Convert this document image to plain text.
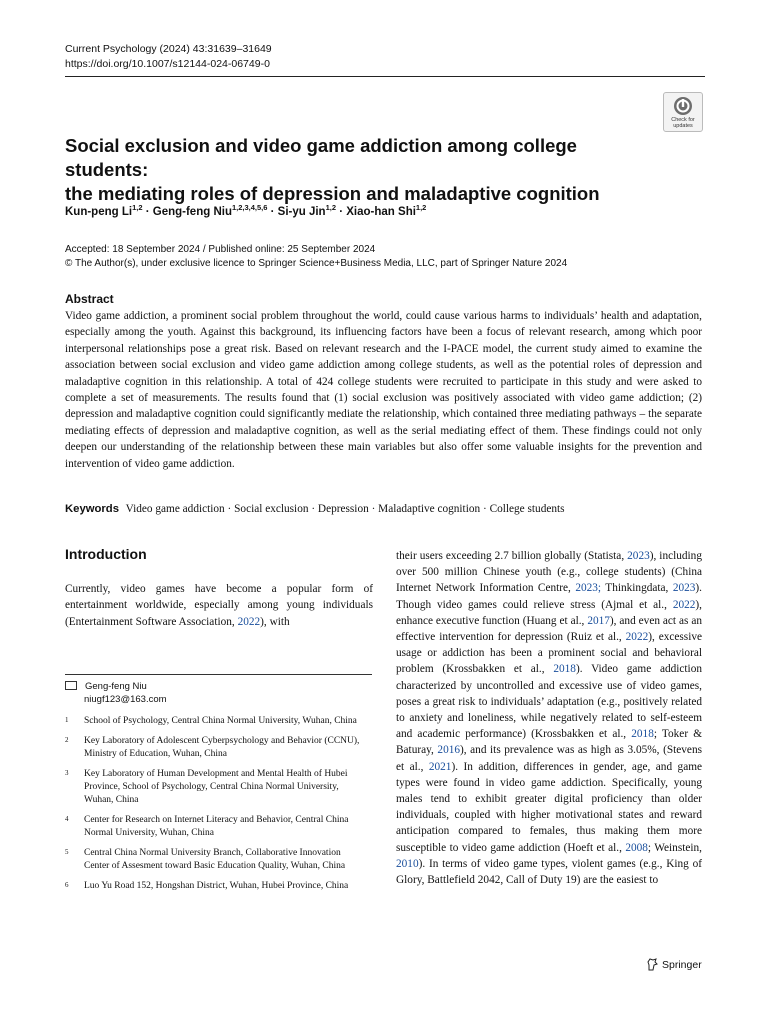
Current Psychology (2024) 43:31639–31649
https://doi.org/10.1007/s12144-024-06749-0
Check for
updates
Social exclusion and video game addiction among college students:
the mediating roles of depression and maladaptive cognition
Kun-peng Li$^{1,2}$ · Geng-feng Niu$^{1,2,3,4,5,6}$ · Si-yu Jin$^{1,2}$ · Xiao-han Shi$^{1,2}$
Accepted: 18 September 2024 / Published online: 25 September 2024
© The Author(s), under exclusive licence to Springer Science+Business Media, LLC, part of Springer Nature 2024
Abstract

Video game addiction, a prominent social problem throughout the world, could cause various harms to individuals’ health and adaptation, especially among the youth. Against this background, its influencing factors have been a focus of relevant research, among which poor interpersonal relationships pose a great risk. Based on relevant research and the I-PACE model, the current study aimed to examine the association between social exclusion and video game addiction among college students, as well as the potential roles of depression and maladaptive cognition in this relationship. A total of 424 college students were recruited to participate in this study and were asked to complete a set of measurements. The results found that (1) social exclusion was positively associated with video game addiction; (2) depression and maladaptive cognition could significantly mediate the relationship, which contained three mediating pathways – the separate mediating effects of depression and maladaptive cognition, as well as the serial mediating effect of them. These findings could not only deepen our understanding of the relationship between these main variables but also offer some valuable insights for the prevention and intervention of video game addiction.

Keywords Video game addiction · Social exclusion · Depression · Maladaptive cognition · College students
Introduction

Currently, video games have become a popular form of entertainment worldwide, especially among young individuals (Entertainment Software Association, 2022), with

their users exceeding 2.7 billion globally (Statista, 2023), including over 500 million Chinese youth (e.g., college students) (China Internet Network Information Centre, 2023; Thinkingdata, 2023). Though video games could relieve stress (Ajmal et al., 2022), enhance executive function (Huang et al., 2017), and even act as an effective intervention for depression (Ruiz et al., 2022), excessive usage or addiction has been a prominent social and behavioral problem (Krossbakken et al., 2018). Video game addiction characterized by uncontrolled and excessive use of video games, poses a great risk to individuals’ adaptation (e.g., positively related to anxiety and loneliness, while negatively related to self-esteem and academic performance) (Krossbakken et al., 2018; Toker & Baturay, 2016), and its prevalence was as high as 3.05%, (Stevens et al., 2021). In addition, differences in gender, age, and game types were found in video game addiction. Specifically, young males tend to exhibit greater digital proficiency than older individuals, coupled with higher motivational states and reward anticipation compared to females, thus making them more susceptible to video game addiction (Hoeft et al., 2008; Weinstein, 2010). In terms of video game types, violent games (e.g., King of Glory, Battlefield 2042, Call of Duty 19) are the easiest to

Geng-feng Niu
niugf123@163.com
1	School of Psychology, Central China Normal University, Wuhan, China
2	Key Laboratory of Adolescent Cyberpsychology and Behavior (CCNU), Ministry of Education, Wuhan, China
3	Key Laboratory of Human Development and Mental Health of Hubei Province, School of Psychology, Central China Normal University, Wuhan, China
4	Center for Research on Internet Literacy and Behavior, Central China Normal University, Wuhan, China
5	Central China Normal University Branch, Collaborative Innovation Center of Assesment toward Basic Education Quality, Wuhan, China
6	Luo Yu Road 152, Hongshan District, Wuhan, Hubei Province, China
Springer
